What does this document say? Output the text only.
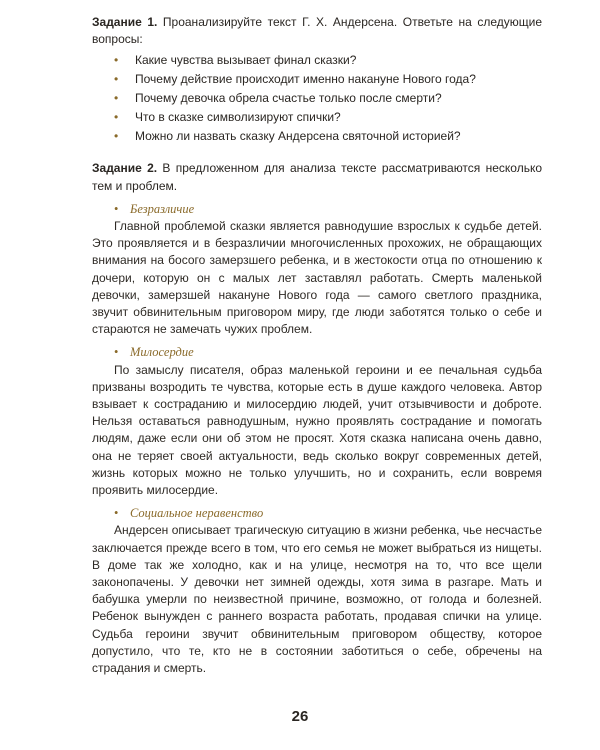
Задание 1. Проанализируйте текст Г. Х. Андерсена. Ответьте на следующие вопросы:

• Какие чувства вызывает финал сказки?
• Почему действие происходит именно накануне Нового года?
• Почему девочка обрела счастье только после смерти?
• Что в сказке символизируют спички?
• Можно ли назвать сказку Андерсена святочной историей?

Задание 2. В предложенном для анализа тексте рассматриваются несколько тем и проблем.

• Безразличие

Главной проблемой сказки является равнодушие взрослых к судьбе детей. Это проявляется и в безразличии многочисленных прохожих, не обращающих внимания на босого замерзшего ребенка, и в жестокости отца по отношению к дочери, которую он с малых лет заставлял работать. Смерть маленькой девочки, замерзшей накануне Нового года — самого светлого праздника, звучит обвинительным приговором миру, где люди заботятся только о себе и стараются не замечать чужих проблем.

• Милосердие

По замыслу писателя, образ маленькой героини и ее печальная судьба призваны возродить те чувства, которые есть в душе каждого человека. Автор взывает к состраданию и милосердию людей, учит отзывчивости и доброте. Нельзя оставаться равнодушным, нужно проявлять сострадание и помогать людям, даже если они об этом не просят. Хотя сказка написана очень давно, она не теряет своей актуальности, ведь сколько вокруг современных детей, жизнь которых можно не только улучшить, но и сохранить, если вовремя проявить милосердие.

• Социальное неравенство

Андерсен описывает трагическую ситуацию в жизни ребенка, чье несчастье заключается прежде всего в том, что его семья не может выбраться из нищеты. В доме так же холодно, как и на улице, несмотря на то, что все щели законопачены. У девочки нет зимней одежды, хотя зима в разгаре. Мать и бабушка умерли по неизвестной причине, возможно, от голода и болезней. Ребенок вынужден с раннего возраста работать, продавая спички на улице. Судьба героини звучит обвинительным приговором обществу, которое допустило, что те, кто не в состоянии заботиться о себе, обречены на страдания и смерть.

26
